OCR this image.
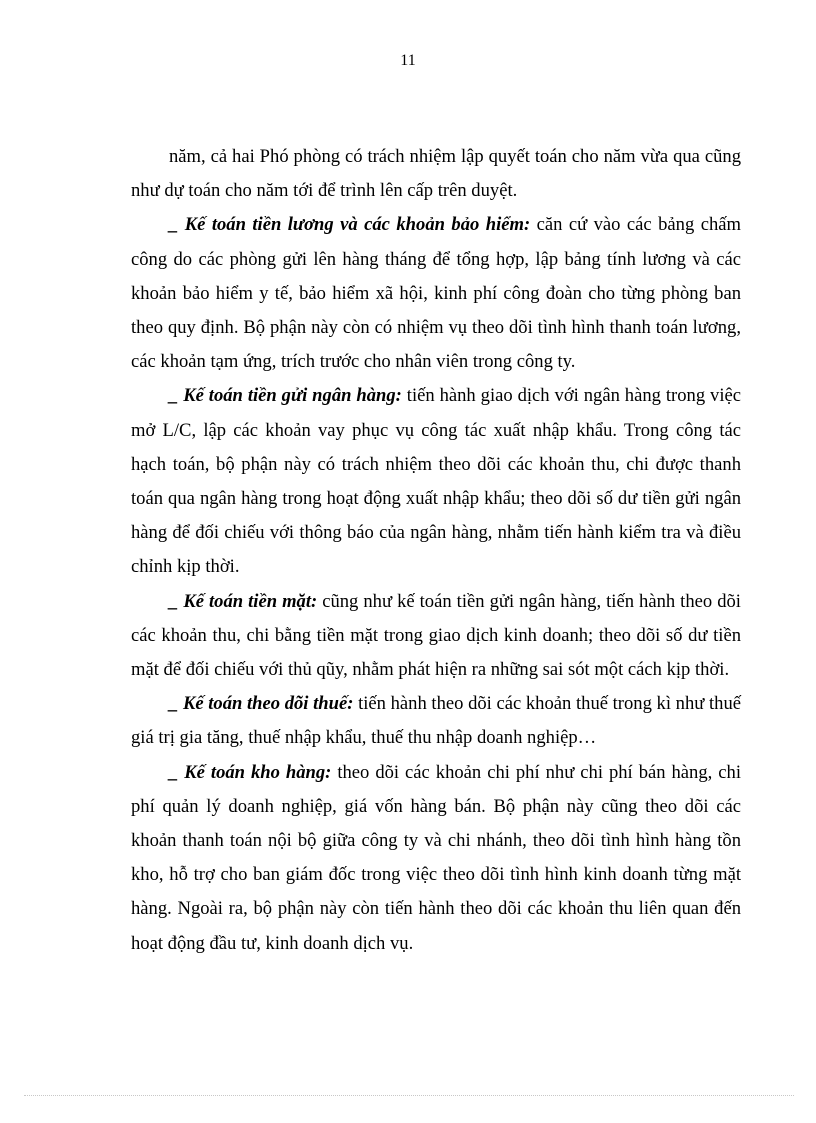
11

năm, cả hai Phó phòng có trách nhiệm lập quyết toán cho năm vừa qua cũng như dự toán cho năm tới để trình lên cấp trên duyệt.

_ Kế toán tiền lương và các khoản bảo hiểm: căn cứ vào các bảng chấm công do các phòng gửi lên hàng tháng để tổng hợp, lập bảng tính lương và các khoản bảo hiểm y tế, bảo hiểm xã hội, kinh phí công đoàn cho từng phòng ban theo quy định. Bộ phận này còn có nhiệm vụ theo dõi tình hình thanh toán lương, các khoản tạm ứng, trích trước cho nhân viên trong công ty.

_ Kế toán tiền gửi ngân hàng: tiến hành giao dịch với ngân hàng trong việc mở L/C, lập các khoản vay phục vụ công tác xuất nhập khẩu. Trong công tác hạch toán, bộ phận này có trách nhiệm theo dõi các khoản thu, chi được thanh toán qua ngân hàng trong hoạt động xuất nhập khẩu; theo dõi số dư tiền gửi ngân hàng để đối chiếu với thông báo của ngân hàng, nhằm tiến hành kiểm tra và điều chỉnh kịp thời.

_ Kế toán tiền mặt: cũng như kế toán tiền gửi ngân hàng, tiến hành theo dõi các khoản thu, chi bằng tiền mặt trong giao dịch kinh doanh; theo dõi số dư tiền mặt để đối chiếu với thủ qũy, nhằm phát hiện ra những sai sót một cách kịp thời.

_ Kế toán theo dõi thuế: tiến hành theo dõi các khoản thuế trong kì như thuế giá trị gia tăng, thuế nhập khẩu, thuế thu nhập doanh nghiệp…

_ Kế toán kho hàng: theo dõi các khoản chi phí như chi phí bán hàng, chi phí quản lý doanh nghiệp, giá vốn hàng bán. Bộ phận này cũng theo dõi các khoản thanh toán nội bộ giữa công ty và chi nhánh, theo dõi tình hình hàng tồn kho, hỗ trợ cho ban giám đốc trong việc theo dõi tình hình kinh doanh từng mặt hàng. Ngoài ra, bộ phận này còn tiến hành theo dõi các khoản thu liên quan đến hoạt động đầu tư, kinh doanh dịch vụ.
